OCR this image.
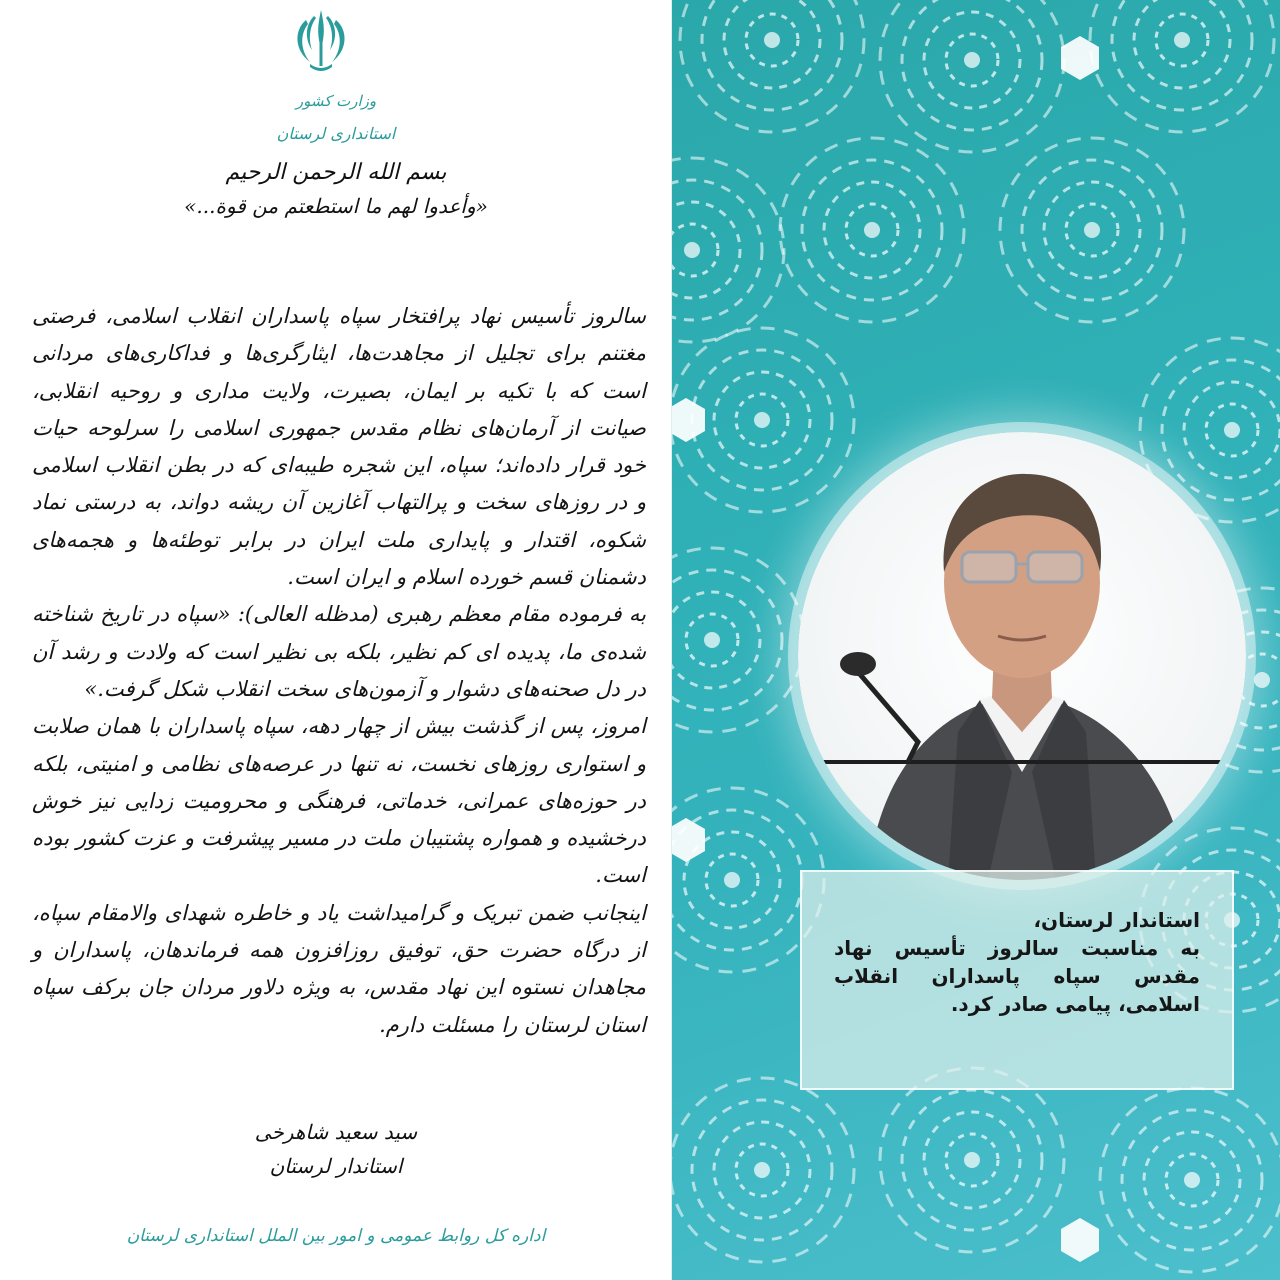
وزارت کشور
استانداری لرستان
بسم الله الرحمن الرحیم
«وأعدوا لهم ما استطعتم من قوة...»

سالروز تأسیس نهاد پرافتخار سپاه پاسداران انقلاب اسلامی، فرصتی مغتنم برای تجلیل از مجاهدت‌ها، ایثارگری‌ها و فداکاری‌های مردانی است که با تکیه بر ایمان، بصیرت، ولایت مداری و روحیه انقلابی، صیانت از آرمان‌های نظام مقدس جمهوری اسلامی را سرلوحه حیات خود قرار داده‌اند؛ سپاه، این شجره طیبه‌ای که در بطن انقلاب اسلامی و در روزهای سخت و پرالتهاب آغازین آن ریشه دواند، به درستی نماد شکوه، اقتدار و پایداری ملت ایران در برابر توطئه‌ها و هجمه‌های دشمنان قسم خورده اسلام و ایران است.

به فرموده مقام معظم رهبری (مدظله العالی): «سپاه در تاریخ شناخته شده‌ی ما، پدیده ای کم نظیر، بلکه بی نظیر است که ولادت و رشد آن در دل صحنه‌های دشوار و آزمون‌های سخت انقلاب شکل گرفت.»

امروز، پس از گذشت بیش از چهار دهه، سپاه پاسداران با همان صلابت و استواری روزهای نخست، نه تنها در عرصه‌های نظامی و امنیتی، بلکه در حوزه‌های عمرانی، خدماتی، فرهنگی و محرومیت زدایی نیز خوش درخشیده و همواره پشتیبان ملت در مسیر پیشرفت و عزت کشور بوده است.

اینجانب ضمن تبریک و گرامیداشت یاد و خاطره شهدای والامقام سپاه، از درگاه حضرت حق، توفیق روزافزون همه فرماندهان، پاسداران و مجاهدان نستوه این نهاد مقدس، به ویژه دلاور مردان جان برکف سپاه استان لرستان را مسئلت دارم.

سید سعید شاهرخی
استاندار لرستان
اداره کل روابط عمومی و امور بین الملل استانداری لرستان
استاندار لرستان،
به مناسبت سالروز تأسیس نهاد مقدس سپاه پاسداران انقلاب اسلامی، پیامی صادر کرد.
